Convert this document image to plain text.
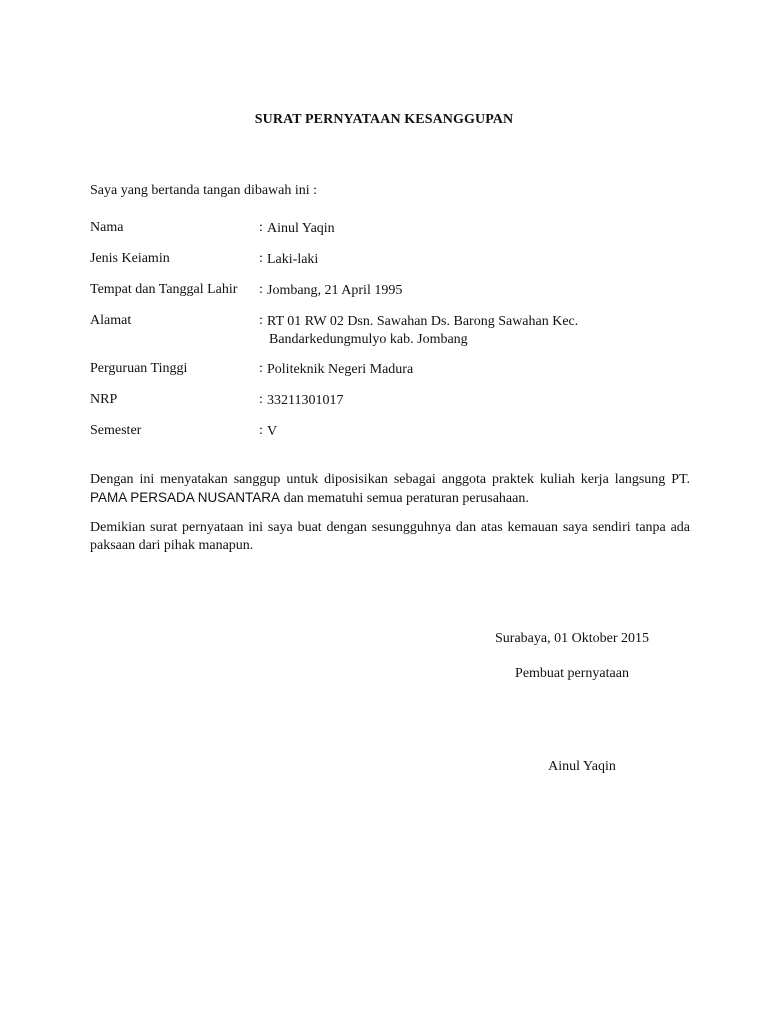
SURAT PERNYATAAN KESANGGUPAN
Saya yang bertanda tangan dibawah ini :
Nama	: Ainul Yaqin
Jenis Keiamin	: Laki-laki
Tempat dan Tanggal Lahir : Jombang, 21 April 1995
Alamat	: RT 01 RW 02 Dsn. Sawahan Ds. Barong Sawahan Kec.
Bandarkedungmulyo kab. Jombang
Perguruan Tinggi	: Politeknik Negeri Madura
NRP	: 33211301017
Semester	: V
Dengan ini menyatakan sanggup untuk diposisikan sebagai anggota praktek kuliah kerja langsung PT. PAMA PERSADA NUSANTARA dan mematuhi semua peraturan perusahaan.
Demikian surat pernyataan ini saya buat dengan sesungguhnya dan atas kemauan saya sendiri tanpa ada paksaan dari pihak manapun.
Surabaya, 01 Oktober 2015
Pembuat pernyataan
Ainul Yaqin
